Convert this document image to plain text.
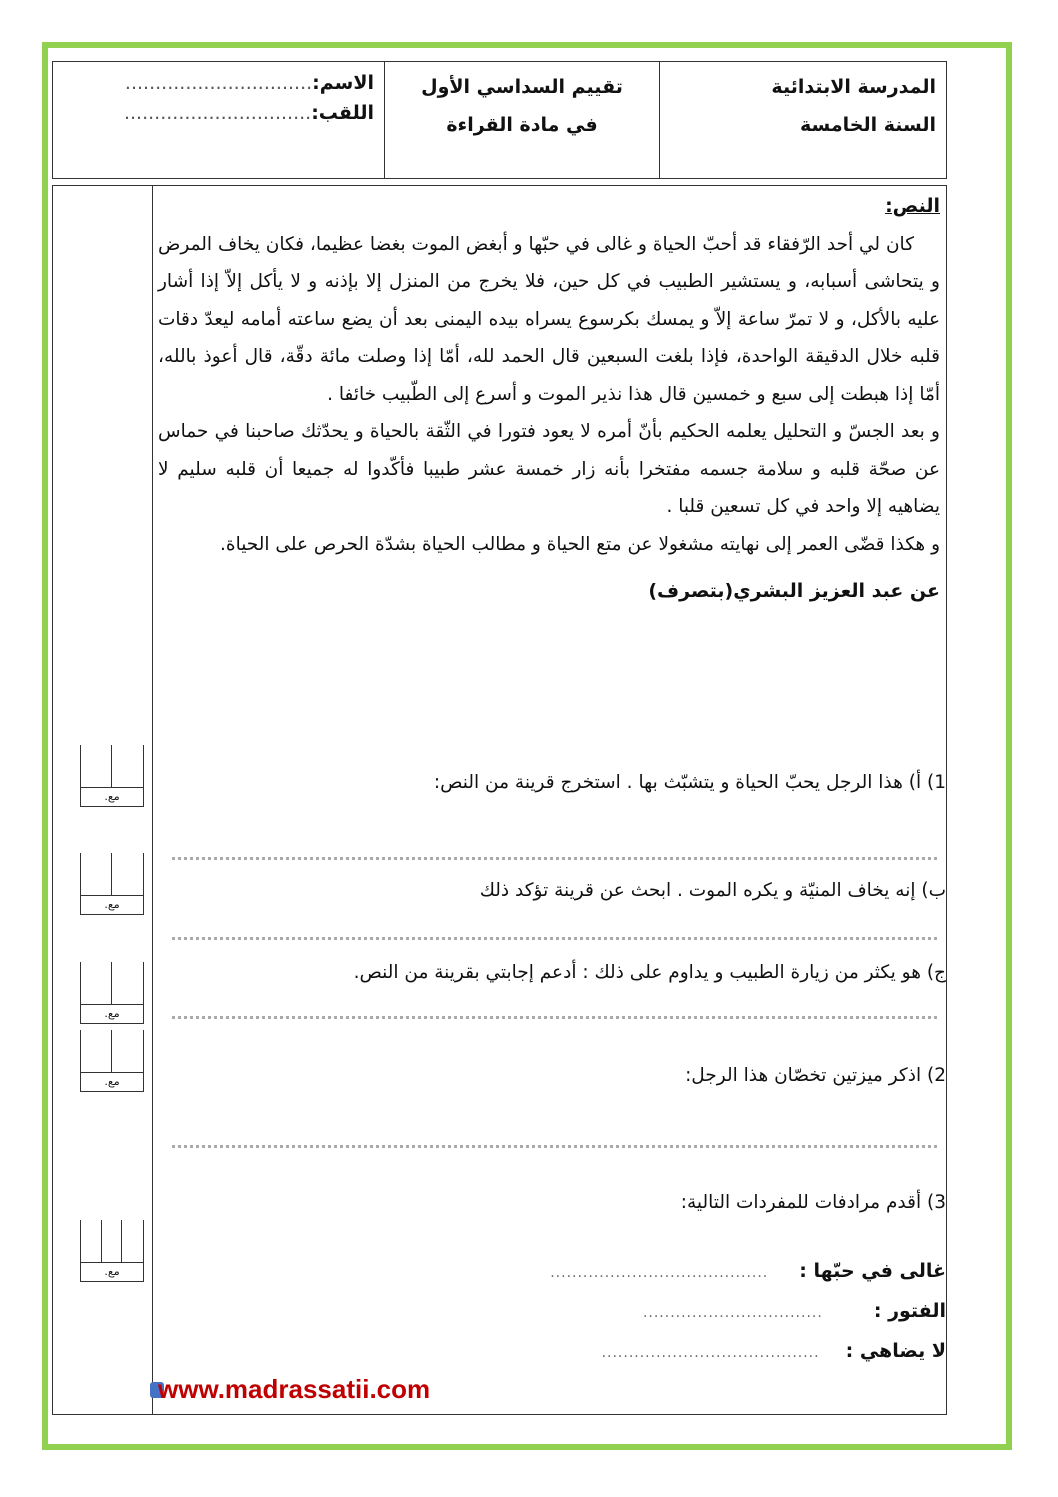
المدرسة الابتدائية
السنة الخامسة
تقييم السداسي الأول
في مادة القراءة
الاسم:...............................
اللقب:...............................
النص:

كان لي أحد الرّفقاء قد أحبّ الحياة و غالى في حبّها و أبغض الموت بغضا عظيما، فكان يخاف المرض و يتحاشى أسبابه، و يستشير الطبيب في كل حين، فلا يخرج من المنزل إلا بإذنه و لا يأكل إلاّ إذا أشار عليه بالأكل، و لا تمرّ ساعة إلاّ و يمسك بكرسوع يسراه بيده اليمنى بعد أن يضع ساعته أمامه ليعدّ دقات قلبه خلال الدقيقة الواحدة، فإذا بلغت السبعين قال الحمد لله، أمّا إذا وصلت مائة دقّة، قال أعوذ بالله، أمّا إذا هبطت إلى سبع و خمسين قال هذا نذير الموت و أسرع إلى الطّبيب خائفا .

و بعد الجسّ و التحليل يعلمه الحكيم بأنّ أمره لا يعود فتورا في الثّقة بالحياة و يحدّثك صاحبنا في حماس عن صحّة قلبه و سلامة جسمه مفتخرا بأنه زار خمسة عشر طبيبا فأكّدوا له جميعا أن قلبه سليم لا يضاهيه إلا واحد في كل تسعين قلبا .

و هكذا قضّى العمر إلى نهايته مشغولا عن متع الحياة و مطالب الحياة بشدّة الحرص على الحياة.

عن عبد العزيز البشري(بتصرف)
1) أ) هذا الرجل يحبّ الحياة و يتشبّث بها . استخرج قرينة من النص:
ب) إنه يخاف المنيّة و يكره الموت . ابحث عن قرينة تؤكد ذلك
ج) هو يكثر من زيارة الطبيب و يداوم على ذلك : أدعم إجابتي بقرينة من النص.
2) اذكر ميزتين تخصّان هذا الرجل:
3) أقدم مرادفات للمفردات التالية:
غالى في حبّها : ........................................
الفتور : .................................
لا يضاهي : ........................................
مع.
مع.
مع.
مع.
مع.
www.madrassatii.com
